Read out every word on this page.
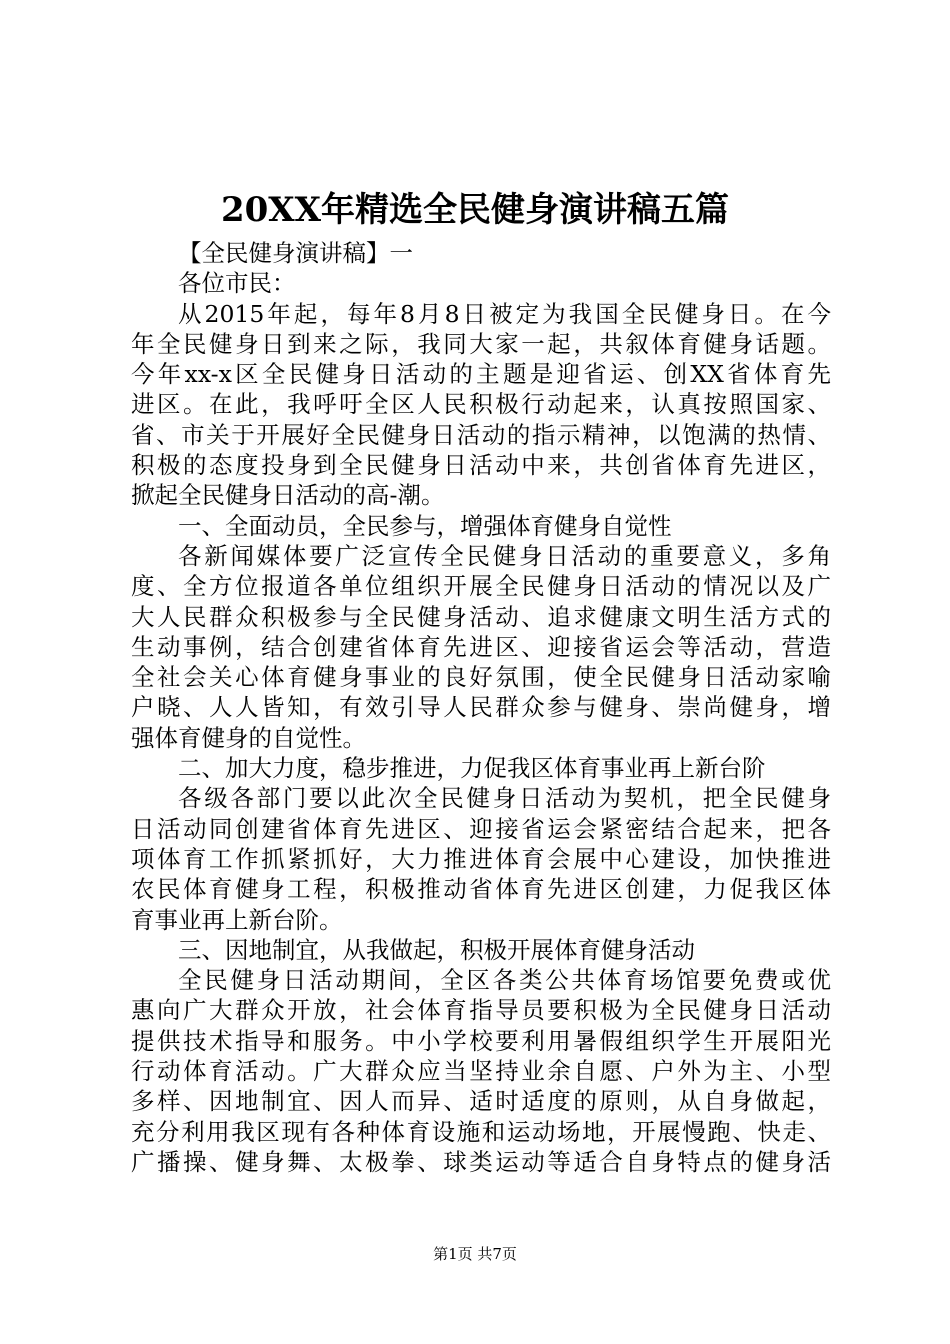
20XX年精选全民健身演讲稿五篇
【全民健身演讲稿】一
各位市民：
从2015年起，每年8月8日被定为我国全民健身日。在今
年全民健身日到来之际，我同大家一起，共叙体育健身话题。
今年xx-x区全民健身日活动的主题是迎省运、创XX省体育先
进区。在此，我呼吁全区人民积极行动起来，认真按照国家、
省、市关于开展好全民健身日活动的指示精神，以饱满的热情、
积极的态度投身到全民健身日活动中来，共创省体育先进区，
掀起全民健身日活动的高-潮。
一、全面动员，全民参与，增强体育健身自觉性
各新闻媒体要广泛宣传全民健身日活动的重要意义，多角
度、全方位报道各单位组织开展全民健身日活动的情况以及广
大人民群众积极参与全民健身活动、追求健康文明生活方式的
生动事例，结合创建省体育先进区、迎接省运会等活动，营造
全社会关心体育健身事业的良好氛围，使全民健身日活动家喻
户晓、人人皆知，有效引导人民群众参与健身、崇尚健身，增
强体育健身的自觉性。
二、加大力度，稳步推进，力促我区体育事业再上新台阶
各级各部门要以此次全民健身日活动为契机，把全民健身
日活动同创建省体育先进区、迎接省运会紧密结合起来，把各
项体育工作抓紧抓好，大力推进体育会展中心建设，加快推进
农民体育健身工程，积极推动省体育先进区创建，力促我区体
育事业再上新台阶。
三、因地制宜，从我做起，积极开展体育健身活动
全民健身日活动期间，全区各类公共体育场馆要免费或优
惠向广大群众开放，社会体育指导员要积极为全民健身日活动
提供技术指导和服务。中小学校要利用暑假组织学生开展阳光
行动体育活动。广大群众应当坚持业余自愿、户外为主、小型
多样、因地制宜、因人而异、适时适度的原则，从自身做起，
充分利用我区现有各种体育设施和运动场地，开展慢跑、快走、
广播操、健身舞、太极拳、球类运动等适合自身特点的健身活
第1页 共7页
